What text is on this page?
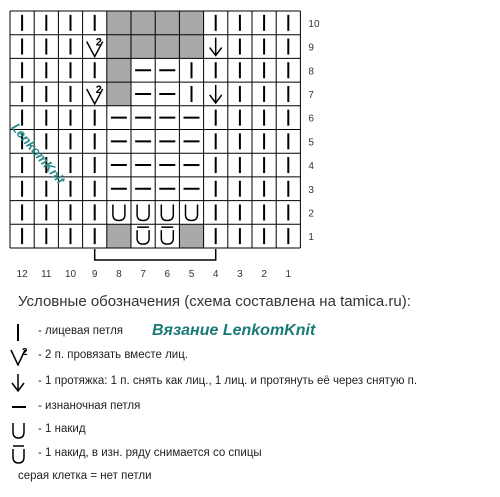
2
2
10
9
8
7
6
5
4
3
2
1
12 11 10 9 8 7 6 5 4 3 2 1
LenkomKnit
Условные обозначения (схема составлена на tamica.ru):
Вязание LenkomKnit
- лицевая петля
2 - 2 п. провязать вместе лиц.
- 1 протяжка: 1 п. снять как лиц., 1 лиц. и протянуть её через снятую п.
- изнаночная петля
- 1 накид
- 1 накид, в изн. ряду снимается со спицы
серая клетка = нет петли
